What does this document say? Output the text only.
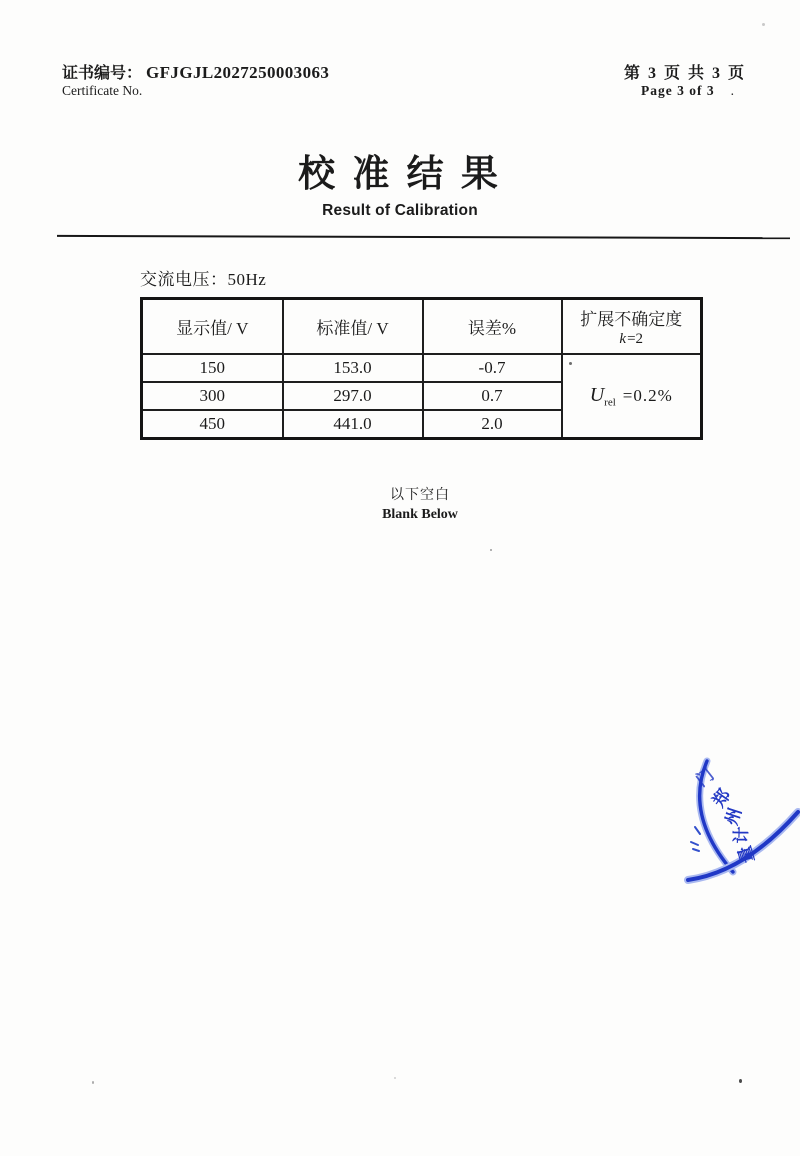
证书编号： GFJGJL2027250003063
Certificate No.
第 3 页 共 3 页
Page 3 of 3 .
校 准 结 果
Result of Calibration
交流电压：50Hz
显示值/ V	标准值/ V	误差%	扩展不确定度
k=2

150	153.0	-0.7	$U_{rel} =0.2\%$
300	297.0	0.7	
450	441.0	2.0	
以下空白
Blank Below
门
郑
州
计
量
